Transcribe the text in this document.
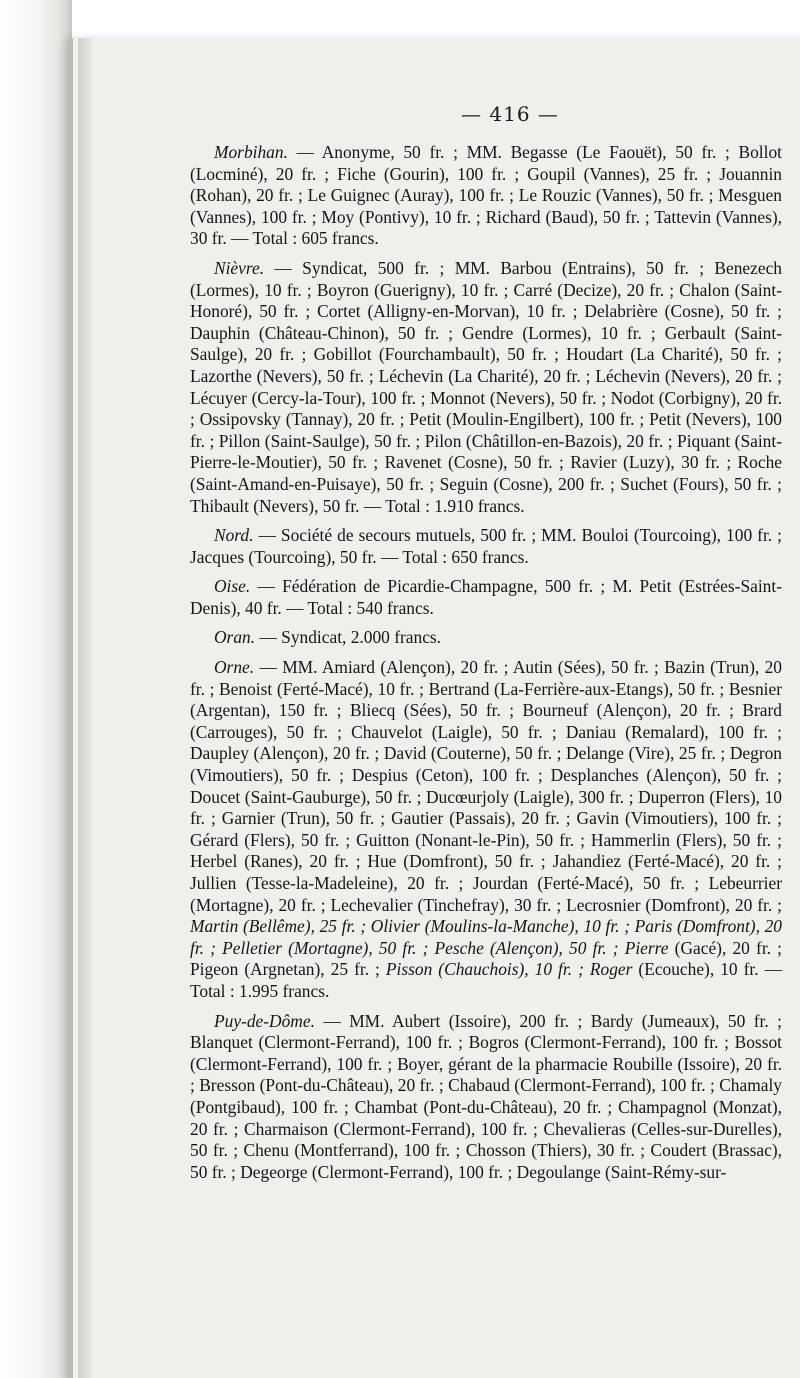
— 416 —

Morbihan. — Anonyme, 50 fr. ; MM. Begasse (Le Faouët), 50 fr. ; Bollot (Locminé), 20 fr. ; Fiche (Gourin), 100 fr. ; Goupil (Vannes), 25 fr. ; Jouannin (Rohan), 20 fr. ; Le Guignec (Auray), 100 fr. ; Le Rouzic (Vannes), 50 fr. ; Mesguen (Vannes), 100 fr. ; Moy (Pontivy), 10 fr. ; Richard (Baud), 50 fr. ; Tattevin (Vannes), 30 fr. — Total : 605 francs.

Nièvre. — Syndicat, 500 fr. ; MM. Barbou (Entrains), 50 fr. ; Benezech (Lormes), 10 fr. ; Boyron (Guerigny), 10 fr. ; Carré (Decize), 20 fr. ; Chalon (Saint-Honoré), 50 fr. ; Cortet (Alligny-en-Morvan), 10 fr. ; Delabrière (Cosne), 50 fr. ; Dauphin (Château-Chinon), 50 fr. ; Gendre (Lormes), 10 fr. ; Gerbault (Saint-Saulge), 20 fr. ; Gobillot (Fourchambault), 50 fr. ; Houdart (La Charité), 50 fr. ; Lazorthe (Nevers), 50 fr. ; Léchevin (La Charité), 20 fr. ; Léchevin (Nevers), 20 fr. ; Lécuyer (Cercy-la-Tour), 100 fr. ; Monnot (Nevers), 50 fr. ; Nodot (Corbigny), 20 fr. ; Ossipovsky (Tannay), 20 fr. ; Petit (Moulin-Engilbert), 100 fr. ; Petit (Nevers), 100 fr. ; Pillon (Saint-Saulge), 50 fr. ; Pilon (Châtillon-en-Bazois), 20 fr. ; Piquant (Saint-Pierre-le-Moutier), 50 fr. ; Ravenet (Cosne), 50 fr. ; Ravier (Luzy), 30 fr. ; Roche (Saint-Amand-en-Puisaye), 50 fr. ; Seguin (Cosne), 200 fr. ; Suchet (Fours), 50 fr. ; Thibault (Nevers), 50 fr. — Total : 1.910 francs.

Nord. — Société de secours mutuels, 500 fr. ; MM. Bouloi (Tourcoing), 100 fr. ; Jacques (Tourcoing), 50 fr. — Total : 650 francs.

Oise. — Fédération de Picardie-Champagne, 500 fr. ; M. Petit (Estrées-Saint-Denis), 40 fr. — Total : 540 francs.

Oran. — Syndicat, 2.000 francs.

Orne. — MM. Amiard (Alençon), 20 fr. ; Autin (Sées), 50 fr. ; Bazin (Trun), 20 fr. ; Benoist (Ferté-Macé), 10 fr. ; Bertrand (La-Ferrière-aux-Etangs), 50 fr. ; Besnier (Argentan), 150 fr. ; Bliecq (Sées), 50 fr. ; Bourneuf (Alençon), 20 fr. ; Brard (Carrouges), 50 fr. ; Chauvelot (Laigle), 50 fr. ; Daniau (Remalard), 100 fr. ; Daupley (Alençon), 20 fr. ; David (Couterne), 50 fr. ; Delange (Vire), 25 fr. ; Degron (Vimoutiers), 50 fr. ; Despius (Ceton), 100 fr. ; Desplanches (Alençon), 50 fr. ; Doucet (Saint-Gauburge), 50 fr. ; Ducœurjoly (Laigle), 300 fr. ; Duperron (Flers), 10 fr. ; Garnier (Trun), 50 fr. ; Gautier (Passais), 20 fr. ; Gavin (Vimoutiers), 100 fr. ; Gérard (Flers), 50 fr. ; Guitton (Nonant-le-Pin), 50 fr. ; Hammerlin (Flers), 50 fr. ; Herbel (Ranes), 20 fr. ; Hue (Domfront), 50 fr. ; Jahandiez (Ferté-Macé), 20 fr. ; Jullien (Tesse-la-Madeleine), 20 fr. ; Jourdan (Ferté-Macé), 50 fr. ; Lebeurrier (Mortagne), 20 fr. ; Lechevalier (Tinchefray), 30 fr. ; Lecrosnier (Domfront), 20 fr. ; Martin (Bellême), 25 fr. ; Olivier (Moulins-la-Manche), 10 fr. ; Paris (Domfront), 20 fr. ; Pelletier (Mortagne), 50 fr. ; Pesche (Alençon), 50 fr. ; Pierre (Gacé), 20 fr. ; Pigeon (Argnetan), 25 fr. ; Pisson (Chauchois), 10 fr. ; Roger (Ecouche), 10 fr. — Total : 1.995 francs.

Puy-de-Dôme. — MM. Aubert (Issoire), 200 fr. ; Bardy (Jumeaux), 50 fr. ; Blanquet (Clermont-Ferrand), 100 fr. ; Bogros (Clermont-Ferrand), 100 fr. ; Bossot (Clermont-Ferrand), 100 fr. ; Boyer, gérant de la pharmacie Roubille (Issoire), 20 fr. ; Bresson (Pont-du-Château), 20 fr. ; Chabaud (Clermont-Ferrand), 100 fr. ; Chamaly (Pontgibaud), 100 fr. ; Chambat (Pont-du-Château), 20 fr. ; Champagnol (Monzat), 20 fr. ; Charmaison (Clermont-Ferrand), 100 fr. ; Chevalieras (Celles-sur-Durelles), 50 fr. ; Chenu (Montferrand), 100 fr. ; Chosson (Thiers), 30 fr. ; Coudert (Brassac), 50 fr. ; Degeorge (Clermont-Ferrand), 100 fr. ; Degoulange (Saint-Rémy-sur-
